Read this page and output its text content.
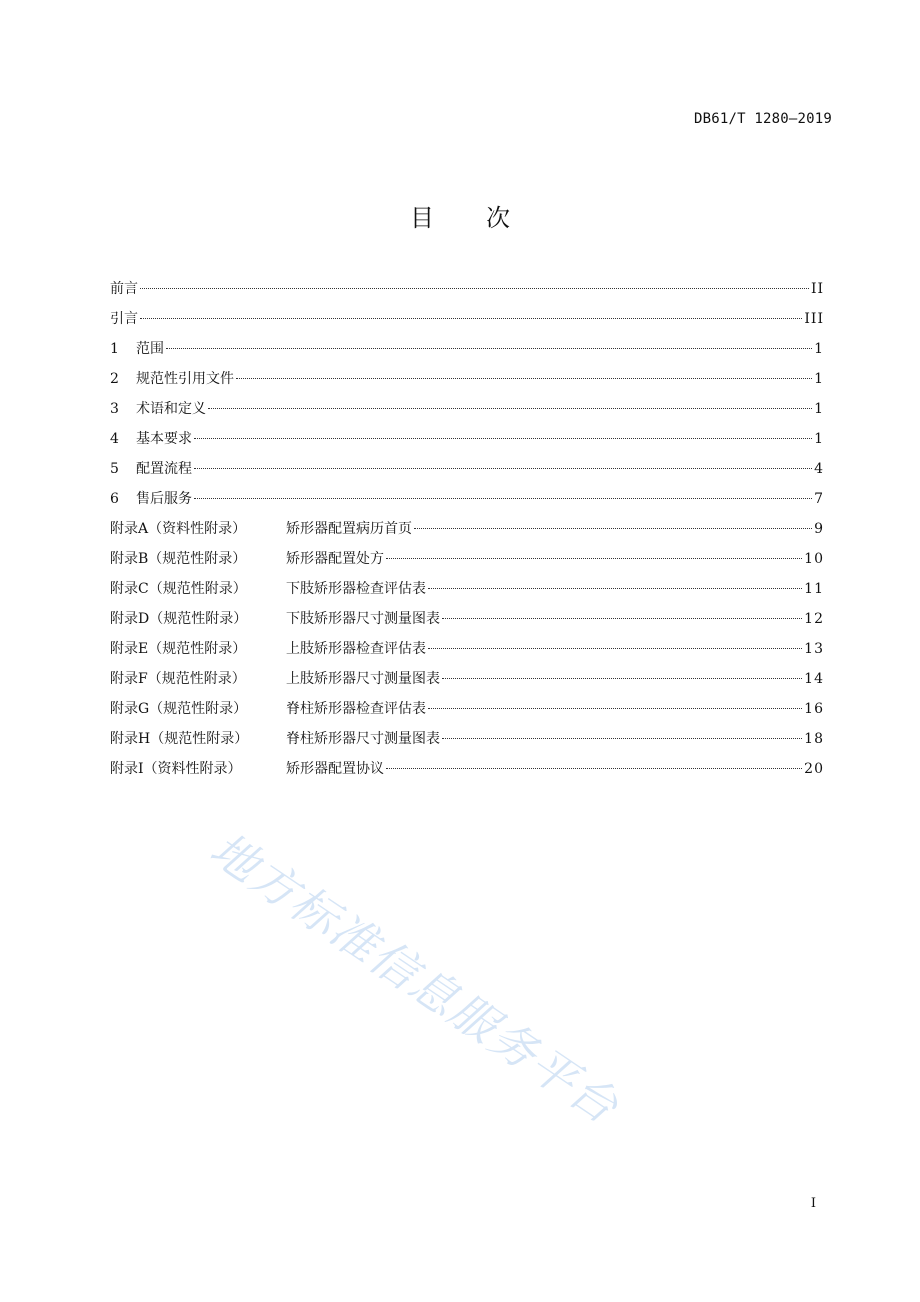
DB61/T 1280—2019
目 次
前言	II
引言	III
1	范围	1
2	规范性引用文件	1
3	术语和定义	1
4	基本要求	1
5	配置流程	4
6	售后服务	7
附录A（资料性附录）	矫形器配置病历首页	9
附录B（规范性附录）	矫形器配置处方	10
附录C（规范性附录）	下肢矫形器检查评估表	11
附录D（规范性附录）	下肢矫形器尺寸测量图表	12
附录E（规范性附录）	上肢矫形器检查评估表	13
附录F（规范性附录）	上肢矫形器尺寸测量图表	14
附录G（规范性附录）	脊柱矫形器检查评估表	16
附录H（规范性附录）	脊柱矫形器尺寸测量图表	18
附录I（资料性附录）	矫形器配置协议	20
地方标准信息服务平台
I
